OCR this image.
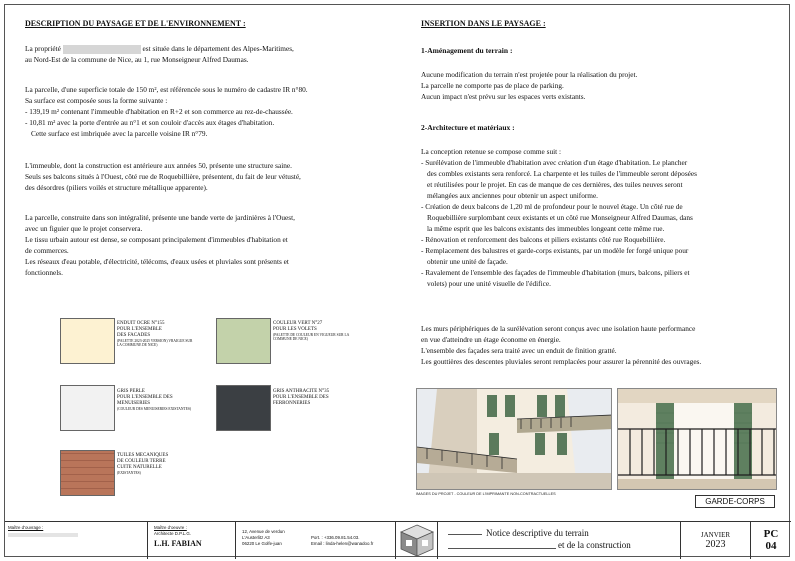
DESCRIPTION DU PAYSAGE ET DE L'ENVIRONNEMENT :
La propriété	est située dans le département des Alpes-Maritimes,
au Nord-Est de la commune de Nice, au 1, rue Monseigneur Alfred Daumas.
La parcelle, d'une superficie totale de 150 m², est référencée sous le numéro de cadastre IR n°80.
Sa surface est composée sous la forme suivante :
- 139,19 m² contenant l'immeuble d'habitation en R+2 et son commerce au rez-de-chaussée.
- 10,81 m² avec la porte d'entrée au n°1 et son couloir d'accès aux étages d'habitation.
Cette surface est imbriquée avec la parcelle voisine IR n°79.
L'immeuble, dont la construction est antérieure aux années 50, présente une structure saine.
Seuls ses balcons situés à l'Ouest, côté rue de Roquebillière, présentent, du fait de leur vétusté,
des désordres (piliers voilés et structure métallique apparente).
La parcelle, construite dans son intégralité, présente une bande verte de jardinières à l'Ouest,
avec un figuier que le projet conservera.
Le tissu urbain autour est dense, se composant principalement d'immeubles d'habitation et
de commerces.
Les réseaux d'eau potable, d'électricité, télécoms, d'eaux usées et pluviales sont présents et
fonctionnels.
ENDUIT OCRE N°155
POUR L'ENSEMBLE
DES FACADES
(PALETTE 2023-2025 VERSION) VRAIGUE SUR LA COMMUNE DE NICE)
COULEUR VERT N°27
POUR LES VOLETS
(PALETTE DE COULEUR EN VIGUEUR SUR LA COMMUNE DE NICE)
GRIS PERLE
POUR L'ENSEMBLE DES
MENUISERIES
(COULEUR DES MENUISERIES EXISTANTES)
GRIS ANTHRACITE N°35
POUR L'ENSEMBLE DES
FERRONNERIES
TUILES MECANIQUES
DE COULEUR TERRE
CUITE NATURELLE
(EXISTANTES)
INSERTION DANS LE PAYSAGE :
1-Aménagement du terrain :
Aucune modification du terrain n'est projetée pour la réalisation du projet.
La parcelle ne comporte pas de place de parking.
Aucun impact n'est prévu sur les espaces verts existants.
2-Architecture et matériaux :
La conception retenue se compose comme suit :
- Surélévation de l'immeuble d'habitation avec création d'un étage d'habitation. Le plancher
des combles existants sera renforcé. La charpente et les tuiles de l'immeuble seront déposées
et réutilisées pour le projet. En cas de manque de ces dernières, des tuiles neuves seront
mélangées aux anciennes pour obtenir un aspect uniforme.
- Création de deux balcons de 1,20 ml de profondeur pour le nouvel étage. Un côté rue de
Roquebillière surplombant ceux existants et un côté rue Monseigneur Alfred Daumas, dans
la même esprit que les balcons existants des immeubles longeant cette même rue.
- Rénovation et renforcement des balcons et piliers existants côté rue Roquebillière.
- Remplacement des balustres et garde-corps existants, par un modèle fer forgé unique pour
obtenir une unité de façade.
- Ravalement de l'ensemble des façades de l'immeuble d'habitation (murs, balcons, piliers et
volets) pour une unité visuelle de l'édifice.
Les murs périphériques de la surélévation seront conçus avec une isolation haute performance
en vue d'atteindre un étage économe en énergie.
L'ensemble des façades sera traité avec un enduit de finition gratté.
Les gouttières des descentes pluviales seront remplacées pour assurer la pérennité des ouvrages.
IMAGES DU PROJET - COULEUR DE L'IMPRIMANTE NON-CONTRACTUELLES
GARDE-CORPS
Maître d'ouvrage :	Maître d'oeuvre :
Architecte D.P.L.G.
L.H. FABIAN
12, Avenue de verdun
L'Austerlitz A3
06220 Le Golfe-juan
Port. : +336.09.81.54.03.
Email : linda-helen@wanadoo.fr
Notice descriptive du terrain
et de la construction
JANVIER
2023
PC
04
